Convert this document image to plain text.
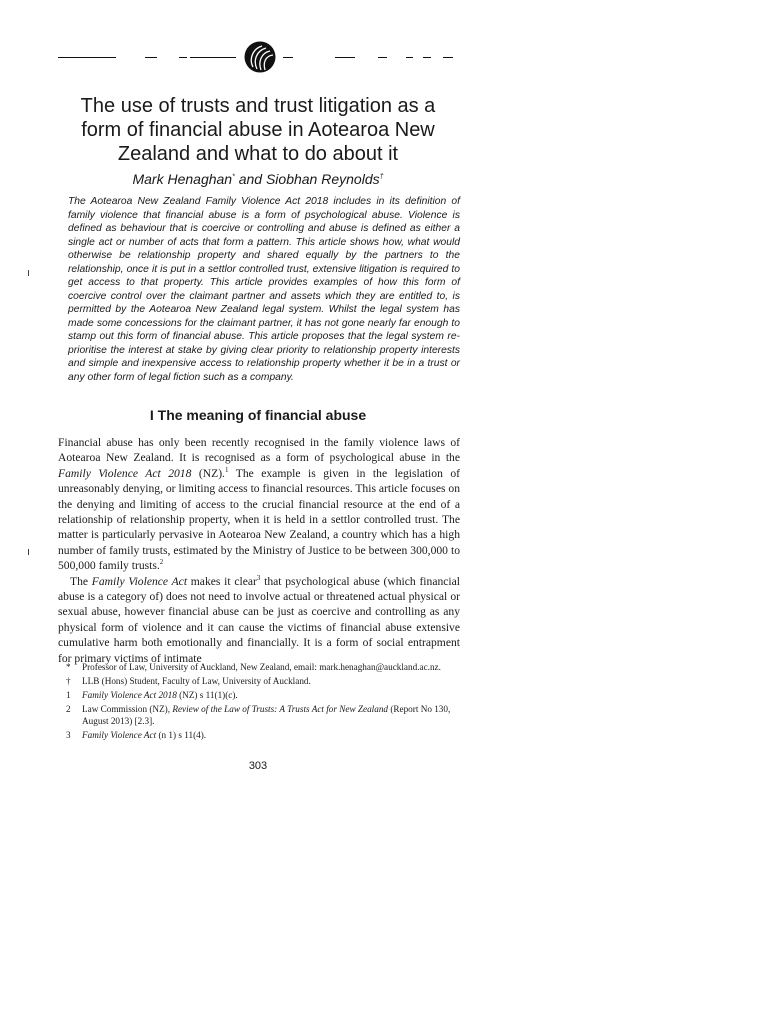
The use of trusts and trust litigation as a form of financial abuse in Aotearoa New Zealand and what to do about it

Mark Henaghan* and Siobhan Reynolds†

The Aotearoa New Zealand Family Violence Act 2018 includes in its definition of family violence that financial abuse is a form of psychological abuse. Violence is defined as behaviour that is coercive or controlling and abuse is defined as either a single act or number of acts that form a pattern. This article shows how, what would otherwise be relationship property and shared equally by the partners to the relationship, once it is put in a settlor controlled trust, extensive litigation is required to get access to that property. This article provides examples of how this form of coercive control over the claimant partner and assets which they are entitled to, is permitted by the Aotearoa New Zealand legal system. Whilst the legal system has made some concessions for the claimant partner, it has not gone nearly far enough to stamp out this form of financial abuse. This article proposes that the legal system re-prioritise the interest at stake by giving clear priority to relationship property interests and simple and inexpensive access to relationship property whether it be in a trust or any other form of legal fiction such as a company.

I The meaning of financial abuse

Financial abuse has only been recently recognised in the family violence laws of Aotearoa New Zealand. It is recognised as a form of psychological abuse in the Family Violence Act 2018 (NZ).$^1$ The example is given in the legislation of unreasonably denying, or limiting access to financial resources. This article focuses on the denying and limiting of access to the crucial financial resource at the end of a relationship of relationship property, when it is held in a settlor controlled trust. The matter is particularly pervasive in Aotearoa New Zealand, a country which has a high number of family trusts, estimated by the Ministry of Justice to be between 300,000 to 500,000 family trusts.$^2$

The Family Violence Act makes it clear$^3$ that psychological abuse (which financial abuse is a category of) does not need to involve actual or threatened actual physical or sexual abuse, however financial abuse can be just as coercive and controlling as any physical form of violence and it can cause the victims of financial abuse extensive cumulative harm both emotionally and financially. It is a form of social entrapment for primary victims of intimate

* Professor of Law, University of Auckland, New Zealand, email: mark.henaghan@auckland.ac.nz.
† LLB (Hons) Student, Faculty of Law, University of Auckland.
1 Family Violence Act 2018 (NZ) s 11(1)(c).
2 Law Commission (NZ), Review of the Law of Trusts: A Trusts Act for New Zealand (Report No 130, August 2013) [2.3].
3 Family Violence Act (n 1) s 11(4).

303
